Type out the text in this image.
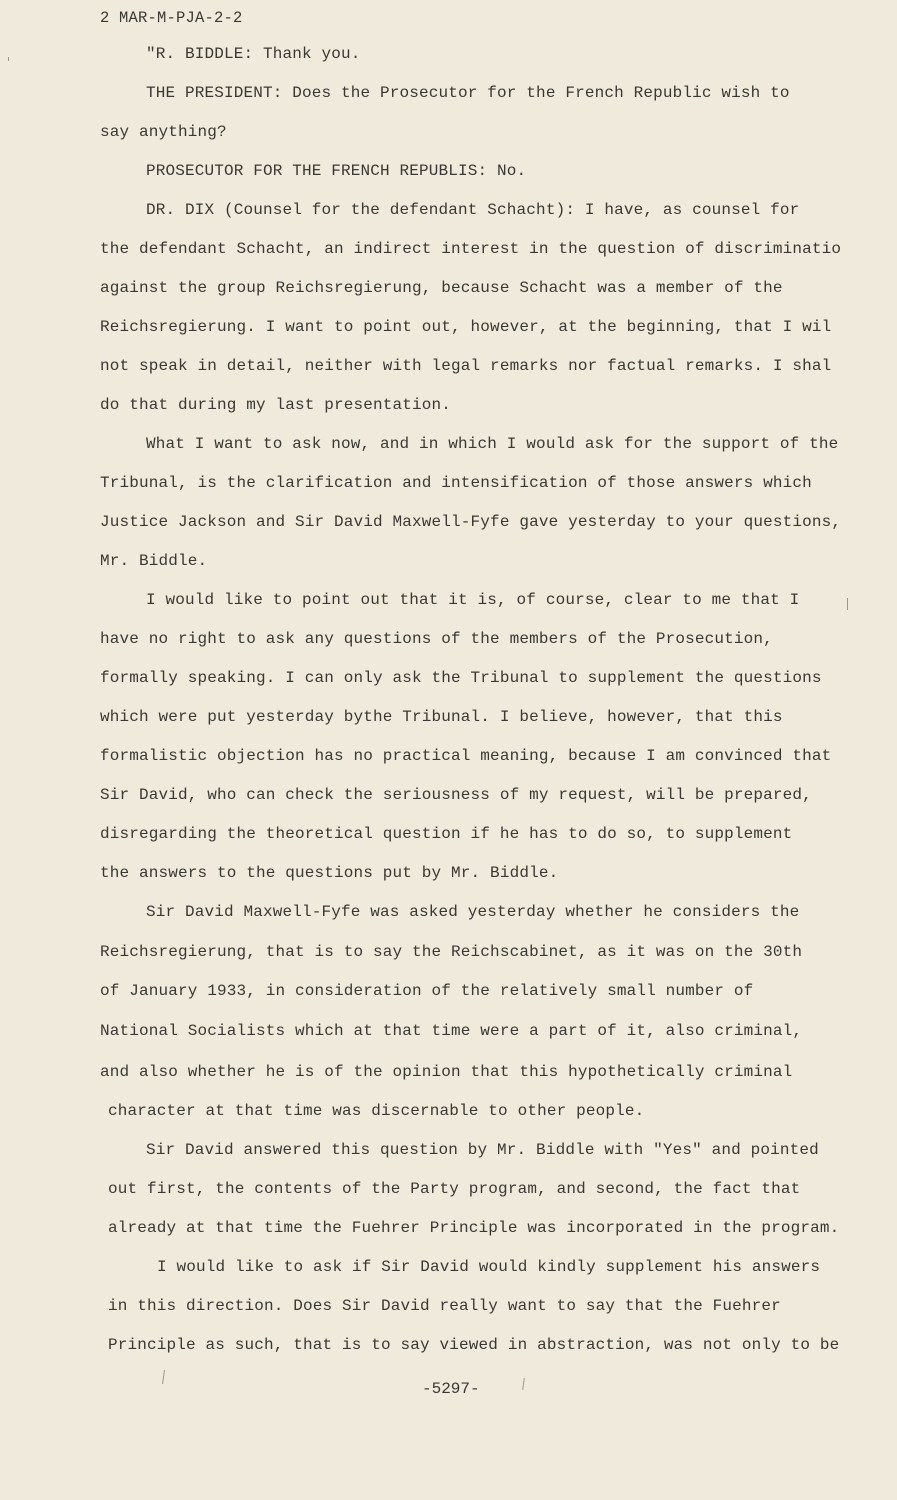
2 MAR-M-PJA-2-2
"R. BIDDLE: Thank you.
THE PRESIDENT: Does the Prosecutor for the French Republic wish to
say anything?
PROSECUTOR FOR THE FRENCH REPUBLIS: No.
DR. DIX (Counsel for the defendant Schacht): I have, as counsel for
the defendant Schacht, an indirect interest in the question of discriminatio
against the group Reichsregierung, because Schacht was a member of the
Reichsregierung. I want to point out, however, at the beginning, that I wil
not speak in detail, neither with legal remarks nor factual remarks. I shal
do that during my last presentation.
What I want to ask now, and in which I would ask for the support of the
Tribunal, is the clarification and intensification of those answers which
Justice Jackson and Sir David Maxwell-Fyfe gave yesterday to your questions,
Mr. Biddle.
I would like to point out that it is, of course, clear to me that I
have no right to ask any questions of the members of the Prosecution,
formally speaking. I can only ask the Tribunal to supplement the questions
which were put yesterday bythe Tribunal. I believe, however, that this
formalistic objection has no practical meaning, because I am convinced that
Sir David, who can check the seriousness of my request, will be prepared,
disregarding the theoretical question if he has to do so, to supplement
the answers to the questions put by Mr. Biddle.
Sir David Maxwell-Fyfe was asked yesterday whether he considers the
Reichsregierung, that is to say the Reichscabinet, as it was on the 30th
of January 1933, in consideration of the relatively small number of
National Socialists which at that time were a part of it, also criminal,
and also whether he is of the opinion that this hypothetically criminal
character at that time was discernable to other people.
Sir David answered this question by Mr. Biddle with "Yes" and pointed
out first, the contents of the Party program, and second, the fact that
already at that time the Fuehrer Principle was incorporated in the program.
I would like to ask if Sir David would kindly supplement his answers
in this direction. Does Sir David really want to say that the Fuehrer
Principle as such, that is to say viewed in abstraction, was not only to be
-5297-
